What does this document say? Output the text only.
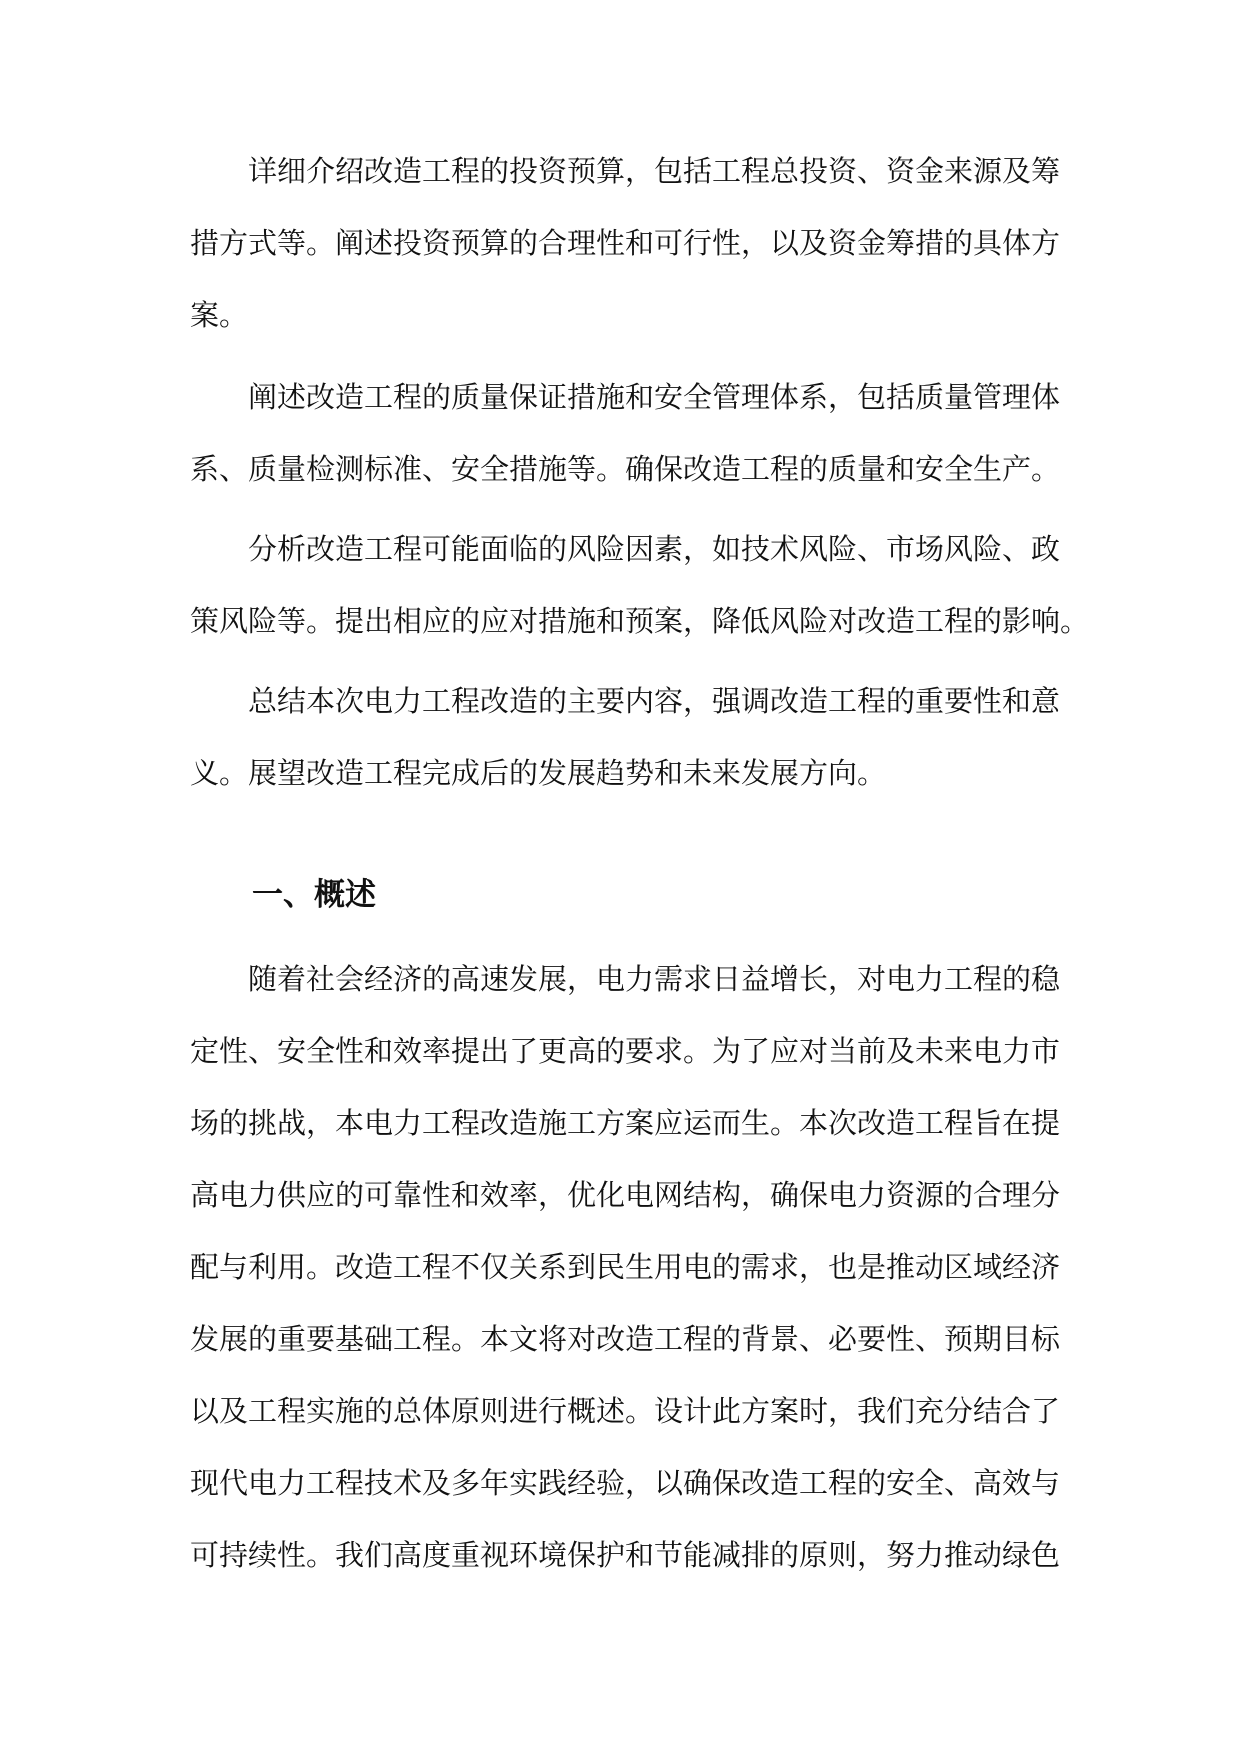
详细介绍改造工程的投资预算，包括工程总投资、资金来源及筹
措方式等。阐述投资预算的合理性和可行性，以及资金筹措的具体方
案。
阐述改造工程的质量保证措施和安全管理体系，包括质量管理体
系、质量检测标准、安全措施等。确保改造工程的质量和安全生产。
分析改造工程可能面临的风险因素，如技术风险、市场风险、政
策风险等。提出相应的应对措施和预案，降低风险对改造工程的影响。
总结本次电力工程改造的主要内容，强调改造工程的重要性和意
义。展望改造工程完成后的发展趋势和未来发展方向。
一、概述
随着社会经济的高速发展，电力需求日益增长，对电力工程的稳
定性、安全性和效率提出了更高的要求。为了应对当前及未来电力市
场的挑战，本电力工程改造施工方案应运而生。本次改造工程旨在提
高电力供应的可靠性和效率，优化电网结构，确保电力资源的合理分
配与利用。改造工程不仅关系到民生用电的需求，也是推动区域经济
发展的重要基础工程。本文将对改造工程的背景、必要性、预期目标
以及工程实施的总体原则进行概述。设计此方案时，我们充分结合了
现代电力工程技术及多年实践经验，以确保改造工程的安全、高效与
可持续性。我们高度重视环境保护和节能减排的原则，努力推动绿色
